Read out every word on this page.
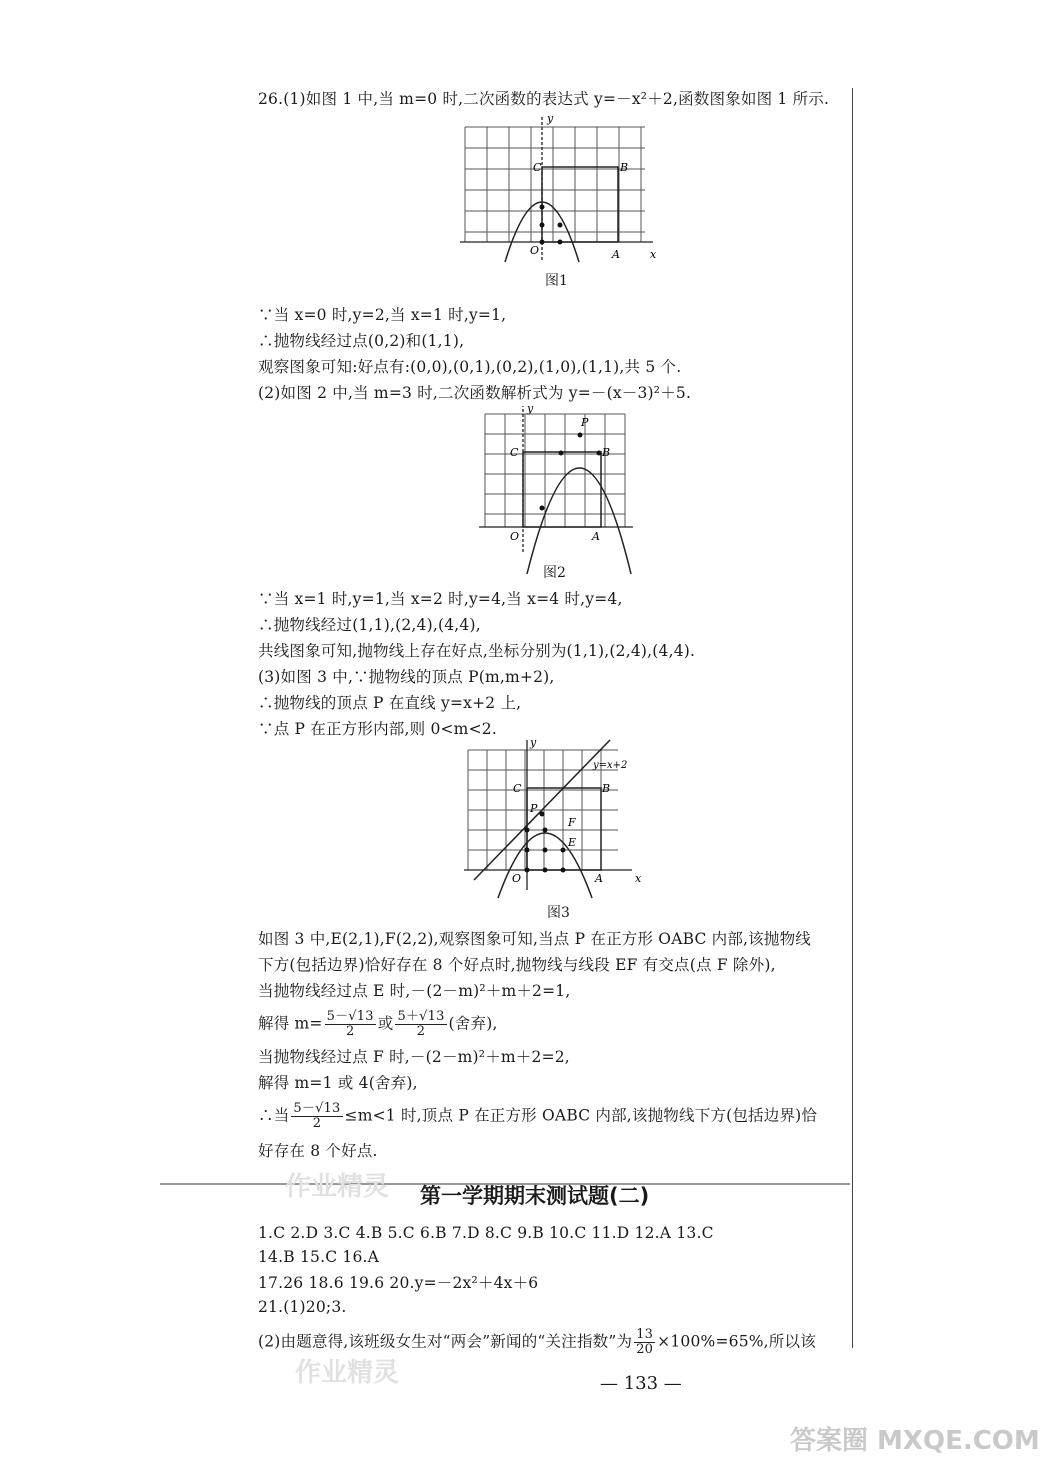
26.(1)如图 1 中,当 m=0 时,二次函数的表达式 y=－x²＋2,函数图象如图 1 所示.
y
x
C	B
O	A
图1
∵当 x=0 时,y=2,当 x=1 时,y=1,
∴抛物线经过点(0,2)和(1,1),
观察图象可知:好点有:(0,0),(0,1),(0,2),(1,0),(1,1),共 5 个.
(2)如图 2 中,当 m=3 时,二次函数解析式为 y=－(x－3)²＋5.
y
C	B
P
O	A
图2
∵当 x=1 时,y=1,当 x=2 时,y=4,当 x=4 时,y=4,
∴抛物线经过(1,1),(2,4),(4,4),
共线图象可知,抛物线上存在好点,坐标分别为(1,1),(2,4),(4,4).
(3)如图 3 中,∵抛物线的顶点 P(m,m+2),
∴抛物线的顶点 P 在直线 y=x+2 上,
∵点 P 在正方形内部,则 0<m<2.
y
y=x+2
C	B
P
F
E
O	A	x
图3
如图 3 中,E(2,1),F(2,2),观察图象可知,当点 P 在正方形 OABC 内部,该抛物线
下方(包括边界)恰好存在 8 个好点时,抛物线与线段 EF 有交点(点 F 除外),
当抛物线经过点 E 时,－(2－m)²＋m＋2=1,
解得 $m= \frac{5-√13}{2}$ 或 $\frac{5+√13}{2}$ (舍弃),
当抛物线经过点 F 时,－(2－m)²＋m＋2=2,
解得 m=1 或 4(舍弃),
∴当 $\frac{5-√13}{2} \le m<1$ 时,顶点 P 在正方形 OABC 内部,该抛物线下方(包括边界)恰
好存在 8 个好点.
作业精灵 第一学期期末测试题(二)
1.C 2.D 3.C 4.B 5.C 6.B 7.D 8.C 9.B 10.C 11.D 12.A 13.C
14.B 15.C 16.A
17.26 18.6 19.6 20.y=－2x²＋4x＋6
21.(1)20;3.
(2)由题意得,该班级女生对“两会”新闻的“关注指数”为 $\frac{13}{20} \times 100\%=65\%$,所以该
作业精灵	— 133 —
答案圈 MXQE.COM
